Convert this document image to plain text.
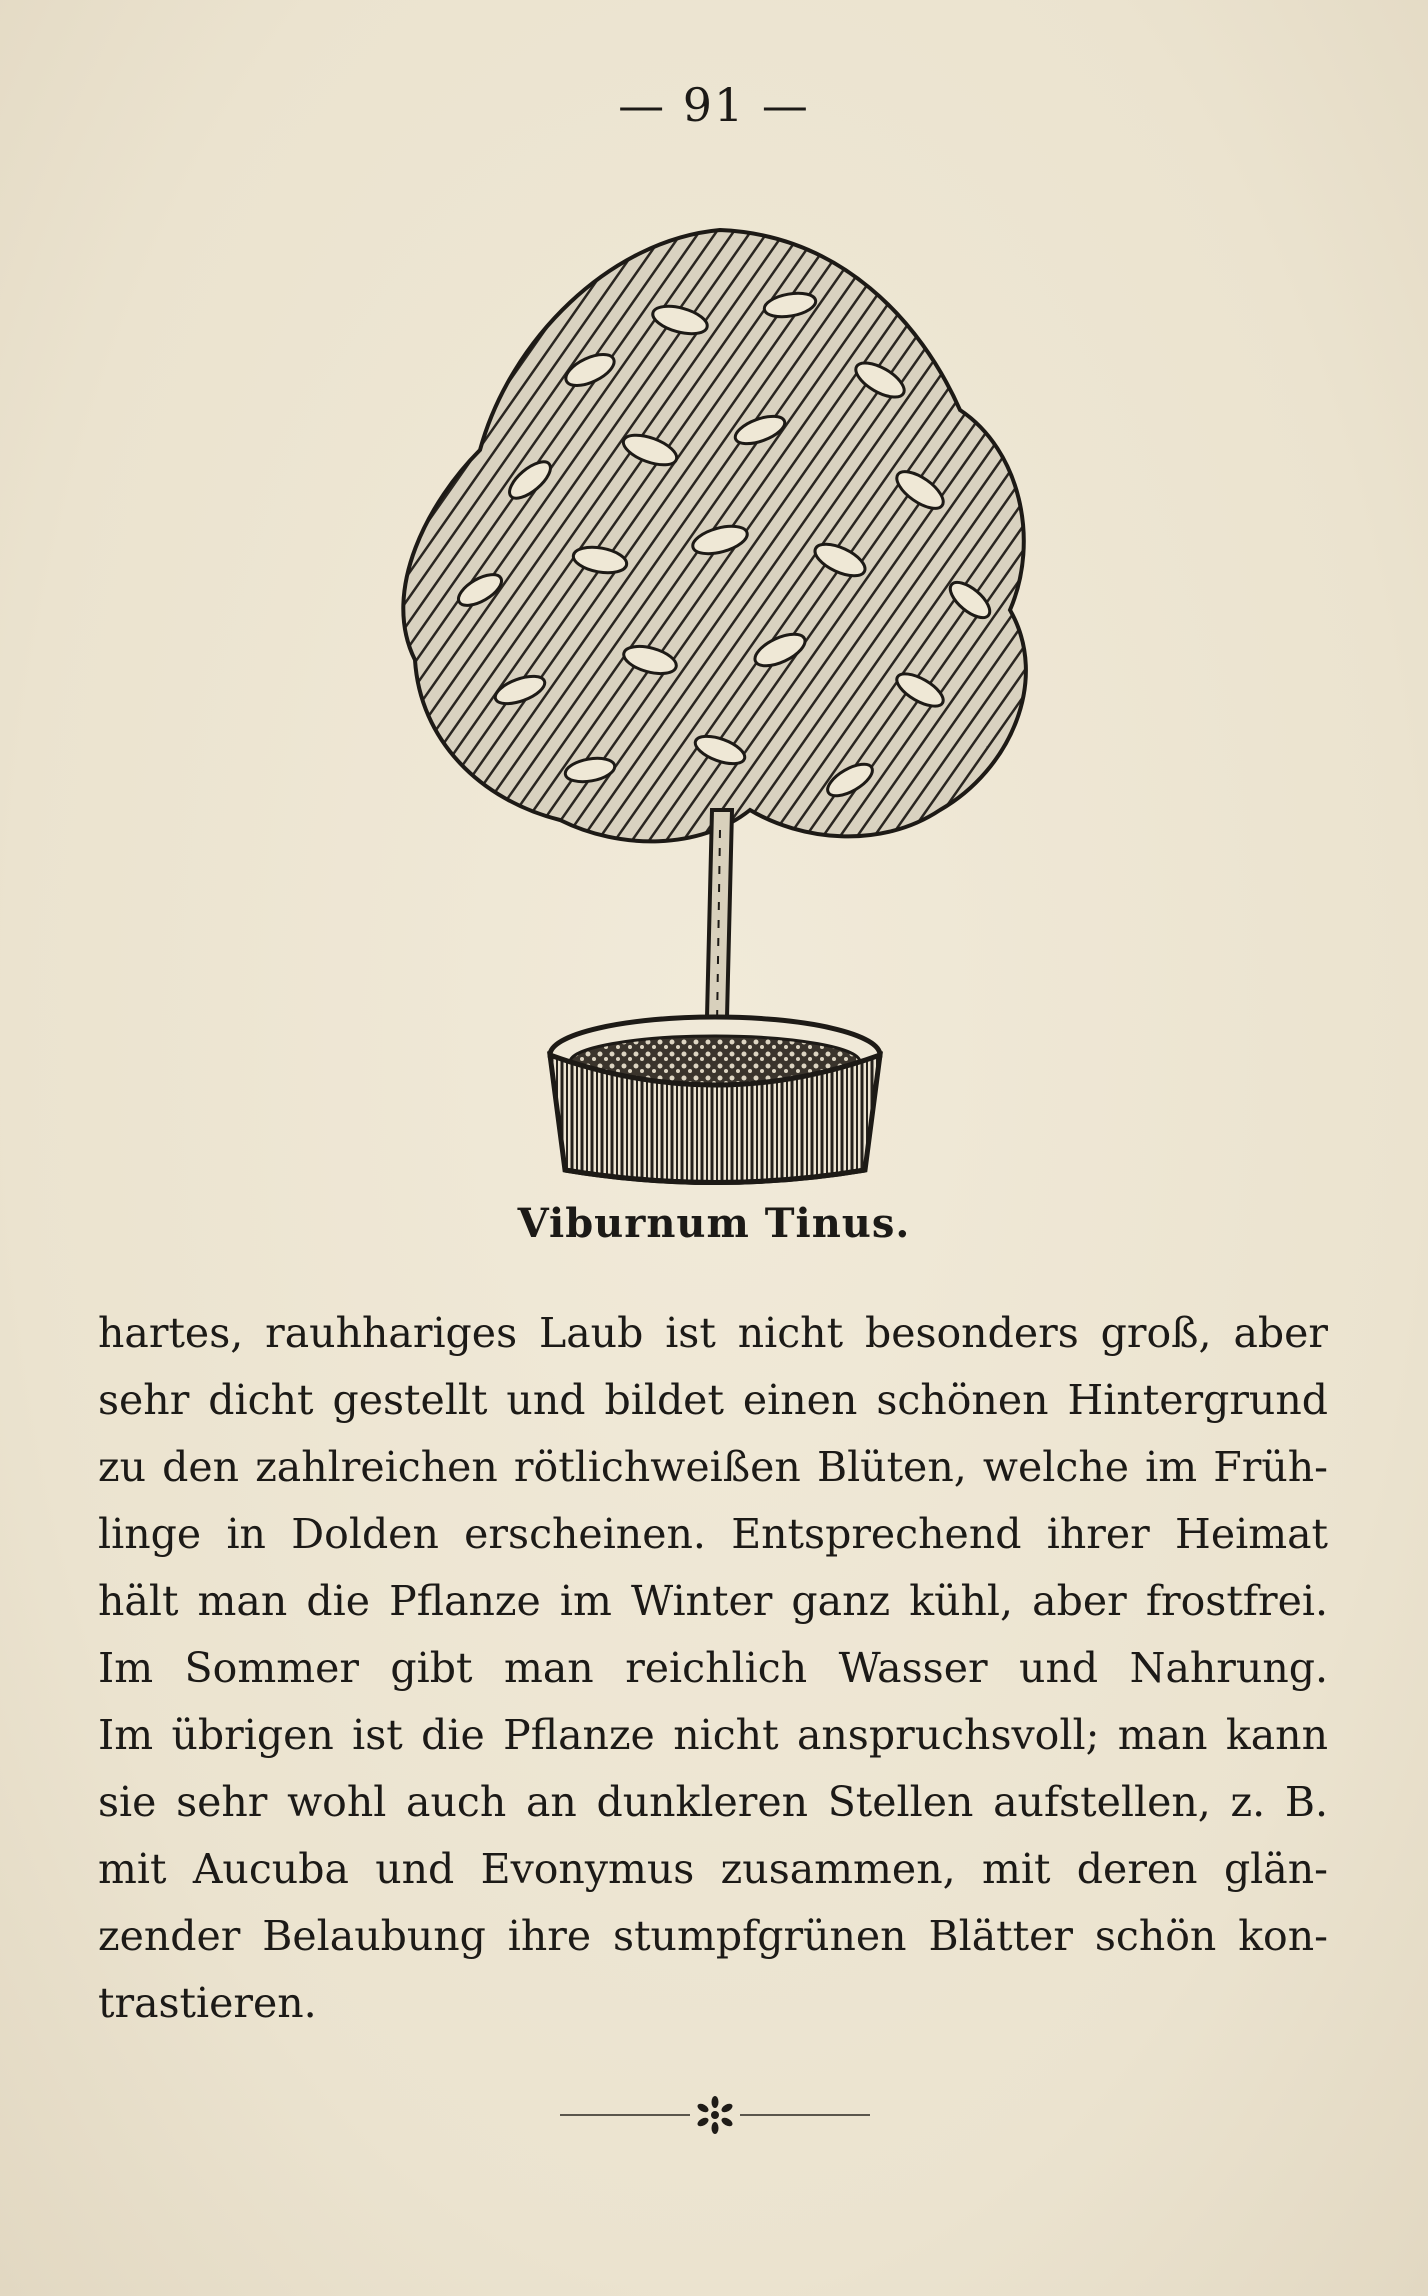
— 91 —
Viburnum Tinus.
hartes, rauhhariges Laub ist nicht besonders groß, aber
sehr dicht gestellt und bildet einen schönen Hintergrund
zu den zahlreichen rötlichweißen Blüten, welche im Früh-
linge in Dolden erscheinen. Entsprechend ihrer Heimat
hält man die Pflanze im Winter ganz kühl, aber frostfrei.
Im Sommer gibt man reichlich Wasser und Nahrung.
Im übrigen ist die Pflanze nicht anspruchsvoll; man kann
sie sehr wohl auch an dunkleren Stellen aufstellen, z. B.
mit Aucuba und Evonymus zusammen, mit deren glän-
zender Belaubung ihre stumpfgrünen Blätter schön kon-
trastieren.
